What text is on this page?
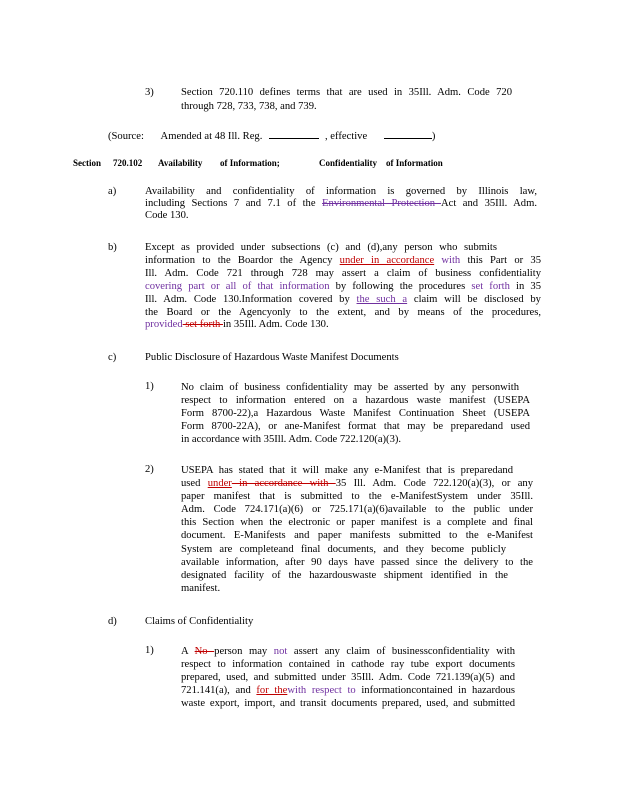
3)	Section 720.110 defines terms that are used in 35Ill. Adm. Code 720
through 728, 733, 738, and 739.
(Source: Amended at 48 Ill. Reg.	, effective	)
Section 720.102 Availability of Information;	Confidentiality of Information
a)	Availability and confidentiality of information is governed by Illinois law,
including Sections 7 and 7.1 of the Environmental Protection Act and 35Ill. Adm.
Code 130.
b)	Except as provided under subsections (c) and (d),any person who submits
information to the Boardor the Agency under in accordance with this Part or 35
Ill. Adm. Code 721 through 728 may assert a claim of business confidentiality
covering part or all of that information by following the procedures set forth in 35
Ill. Adm. Code 130.Information covered by the such a claim will be disclosed by
the Board or the Agencyonly to the extent, and by means of the procedures,
provided set forth in 35Ill. Adm. Code 130.
c)	Public Disclosure of Hazardous Waste Manifest Documents
1)	No claim of business confidentiality may be asserted by any personwith
respect to information entered on a hazardous waste manifest (USEPA
Form 8700-22),a Hazardous Waste Manifest Continuation Sheet (USEPA
Form 8700-22A), or ane-Manifest format that may be preparedand used
in accordance with 35Ill. Adm. Code 722.120(a)(3).
2)	USEPA has stated that it will make any e-Manifest that is preparedand
used under in accordance with 35 Ill. Adm. Code 722.120(a)(3), or any
paper manifest that is submitted to the e-ManifestSystem under 35Ill.
Adm. Code 724.171(a)(6) or 725.171(a)(6)available to the public under
this Section when the electronic or paper manifest is a complete and final
document. E-Manifests and paper manifests submitted to the e-Manifest
System are completeand final documents, and they become publicly
available information, after 90 days have passed since the delivery to the
designated facility of the hazardouswaste shipment identified in the
manifest.
d)	Claims of Confidentiality
1)	A No person may not assert any claim of businessconfidentiality with
respect to information contained in cathode ray tube export documents
prepared, used, and submitted under 35Ill. Adm. Code 721.139(a)(5) and
721.141(a), and for thewith respect to informationcontained in hazardous
waste export, import, and transit documents prepared, used, and submitted
